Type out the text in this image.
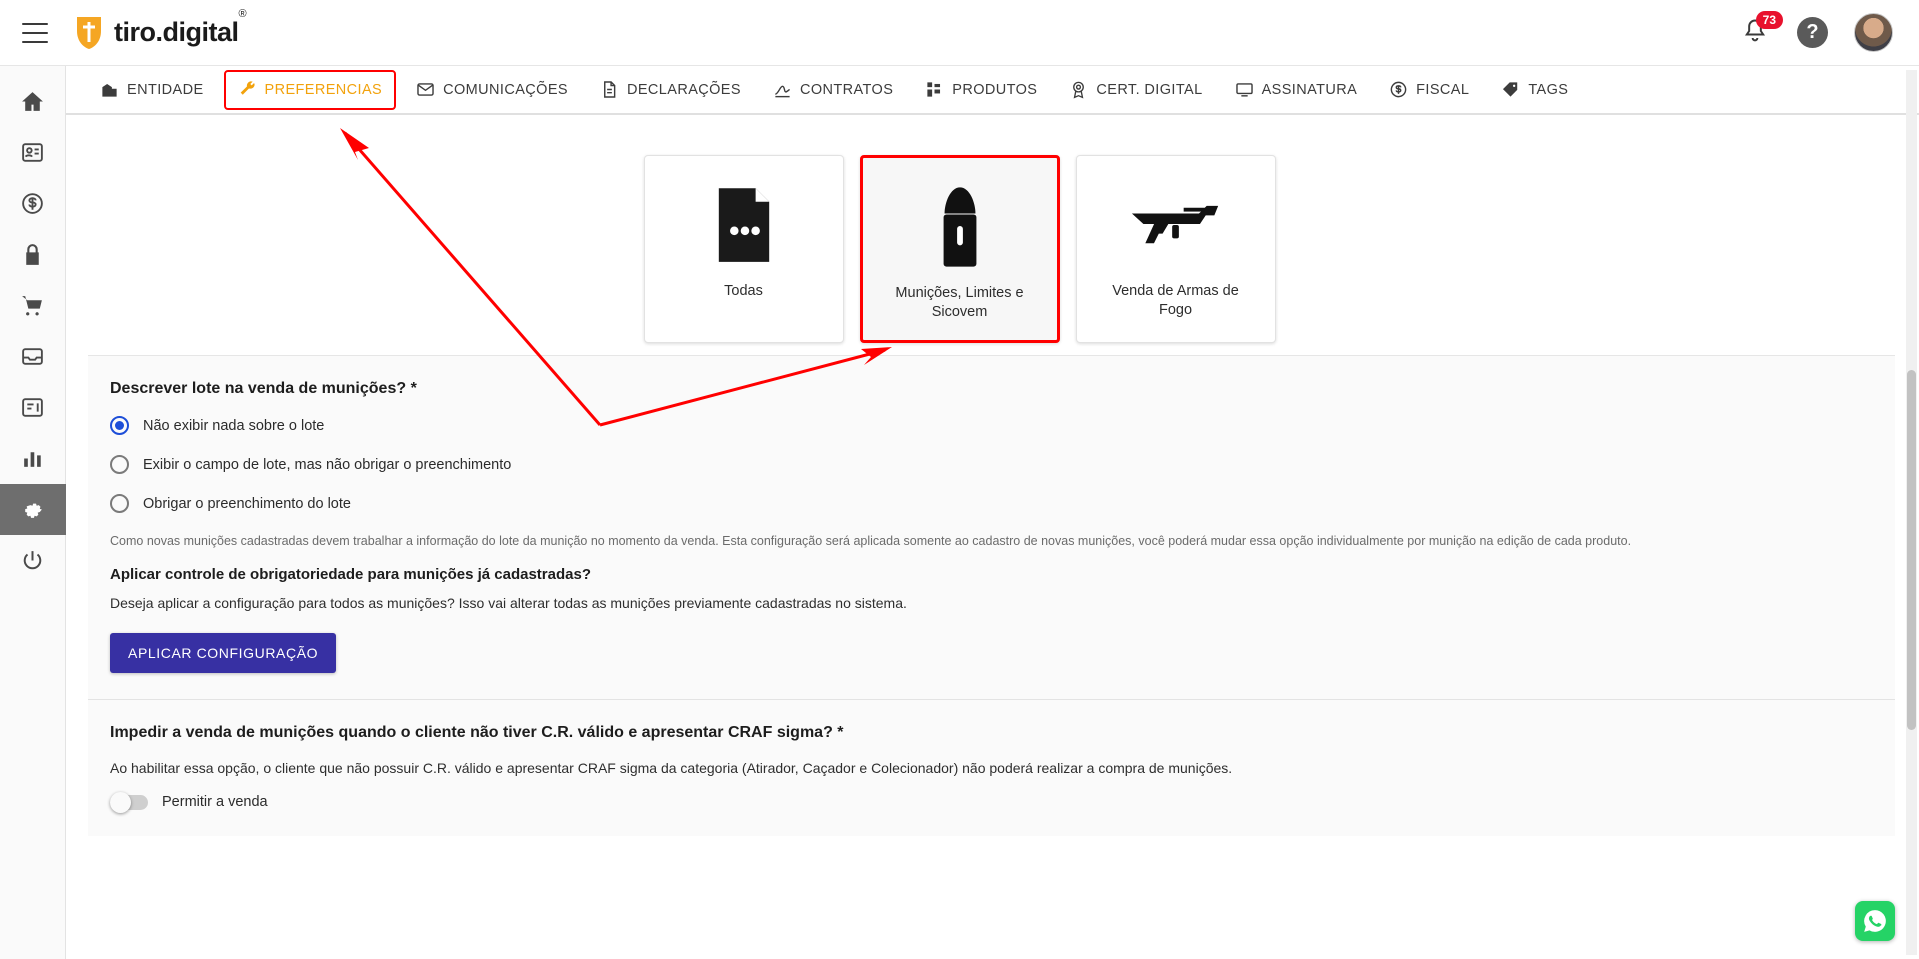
tiro.digital®	73
?
ENTIDADE	PREFERENCIAS	COMUNICAÇÕES	DECLARAÇÕES	CONTRATOS	PRODUTOS	CERT. DIGITAL	ASSINATURA	FISCAL	TAGS
Todas	Munições, Limites e Sicovem
Venda de Armas de Fogo

Descrever lote na venda de munições? *

Não exibir nada sobre o lote
Exibir o campo de lote, mas não obrigar o preenchimento
Obrigar o preenchimento do lote

Como novas munições cadastradas devem trabalhar a informação do lote da munição no momento da venda. Esta configuração será aplicada somente ao cadastro de novas munições, você poderá mudar essa opção individualmente por munição na edição de cada produto.

Aplicar controle de obrigatoriedade para munições já cadastradas?

Deseja aplicar a configuração para todos as munições? Isso vai alterar todas as munições previamente cadastradas no sistema.

APLICAR CONFIGURAÇÃO

Impedir a venda de munições quando o cliente não tiver C.R. válido e apresentar CRAF sigma? *

Ao habilitar essa opção, o cliente que não possuir C.R. válido e apresentar CRAF sigma da categoria (Atirador, Caçador e Colecionador) não poderá realizar a compra de munições.

Permitir a venda
